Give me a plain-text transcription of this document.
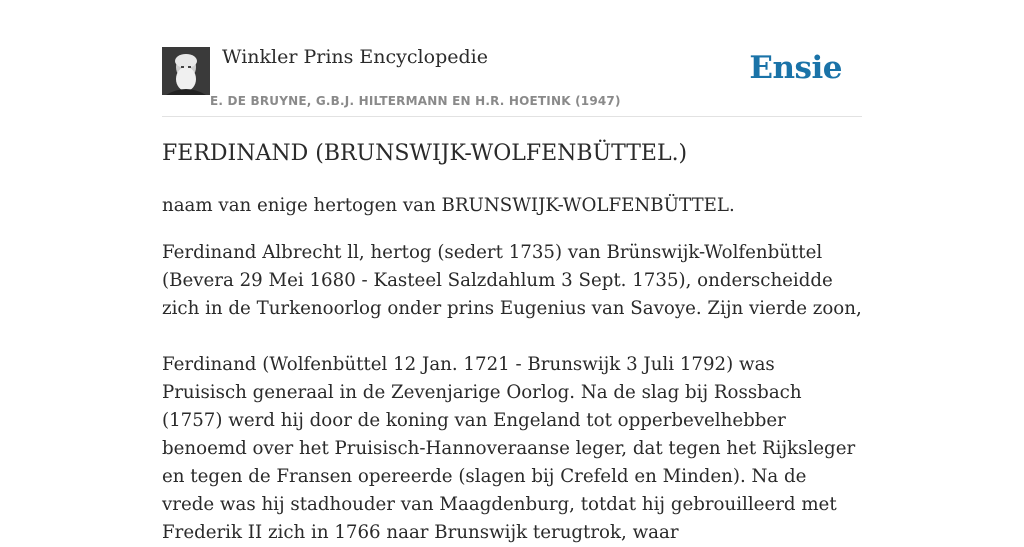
Winkler Prins Encyclopedie
E. DE BRUYNE, G.B.J. HILTERMANN EN H.R. HOETINK (1947)
Ensie
FERDINAND (BRUNSWIJK-WOLFENBÜTTEL.)

naam van enige hertogen van BRUNSWIJK-WOLFENBÜTTEL.

Ferdinand Albrecht ll, hertog (sedert 1735) van Brünswijk-Wolfenbüttel (Bevera 29 Mei 1680 - Kasteel Salzdahlum 3 Sept. 1735), onderscheidde zich in de Turkenoorlog onder prins Eugenius van Savoye. Zijn vierde zoon,

Ferdinand (Wolfenbüttel 12 Jan. 1721 - Brunswijk 3 Juli 1792) was Pruisisch generaal in de Zevenjarige Oorlog. Na de slag bij Rossbach (1757) werd hij door de koning van Engeland tot opperbevelhebber benoemd over het Pruisisch-Hannoveraanse leger, dat tegen het Rijksleger en tegen de Fransen opereerde (slagen bij Crefeld en Minden). Na de vrede was hij stadhouder van Maagdenburg, totdat hij gebrouilleerd met Frederik II zich in 1766 naar Brunswijk terugtrok, waar
